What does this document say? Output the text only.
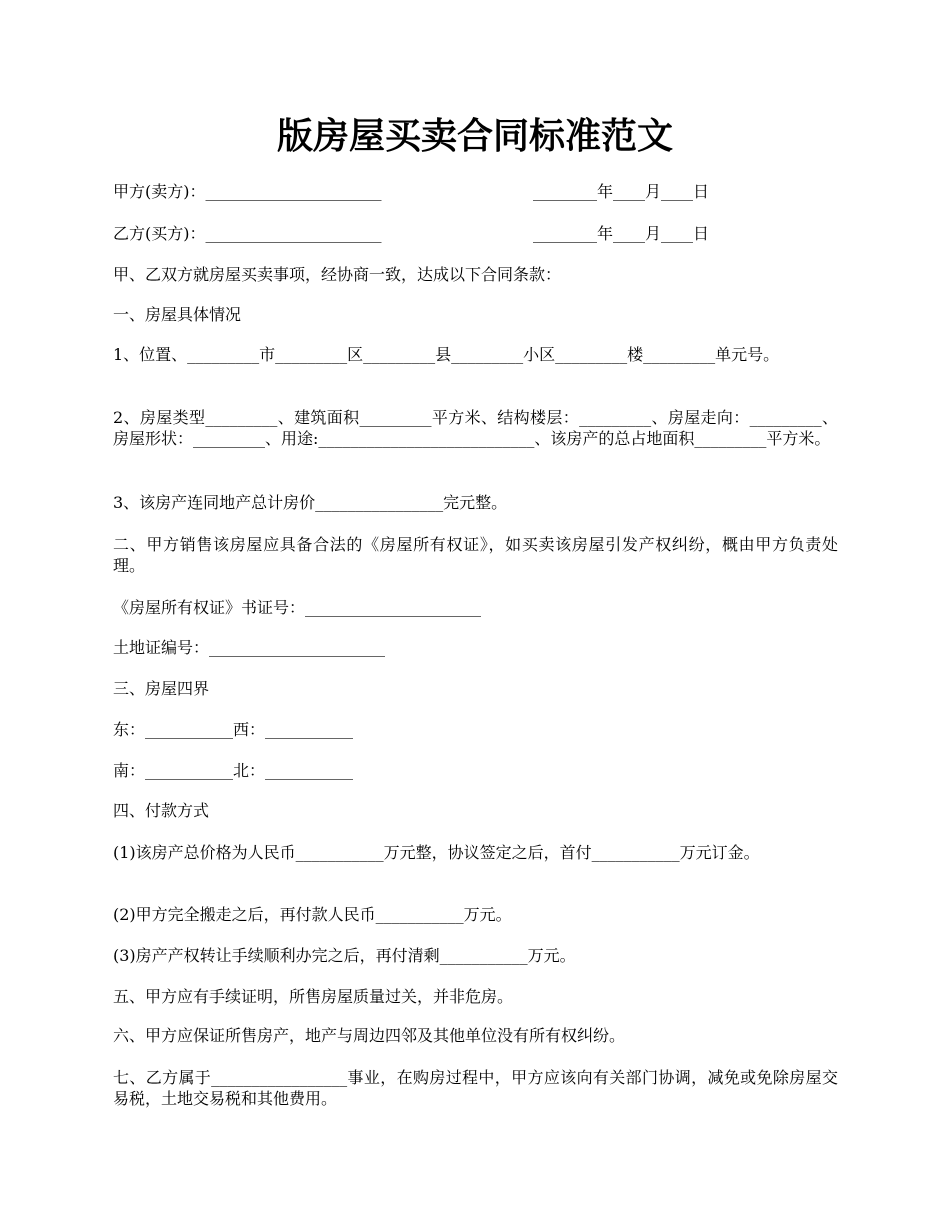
版房屋买卖合同标准范文

甲方(卖方)：______________________	________年____月____日

乙方(买方)：______________________	________年____月____日

甲、乙双方就房屋买卖事项，经协商一致，达成以下合同条款：

一、房屋具体情况

1、位置、_________市_________区_________县_________小区_________楼_________单元号。

2、房屋类型_________、建筑面积_________平方米、结构楼层：_________、房屋走向：_________、房屋形状：_________、用途:___________________________、该房产的总占地面积_________平方米。

3、该房产连同地产总计房价________________完元整。

二、甲方销售该房屋应具备合法的《房屋所有权证》，如买卖该房屋引发产权纠纷，概由甲方负责处理。

《房屋所有权证》书证号：______________________

土地证编号：______________________

三、房屋四界

东：___________西：___________

南：___________北：___________

四、付款方式

(1)该房产总价格为人民币___________万元整，协议签定之后，首付___________万元订金。

(2)甲方完全搬走之后，再付款人民币___________万元。

(3)房产产权转让手续顺利办完之后，再付清剩___________万元。

五、甲方应有手续证明，所售房屋质量过关，并非危房。

六、甲方应保证所售房产，地产与周边四邻及其他单位没有所有权纠纷。

七、乙方属于_________________事业，在购房过程中，甲方应该向有关部门协调，减免或免除房屋交易税，土地交易税和其他费用。
